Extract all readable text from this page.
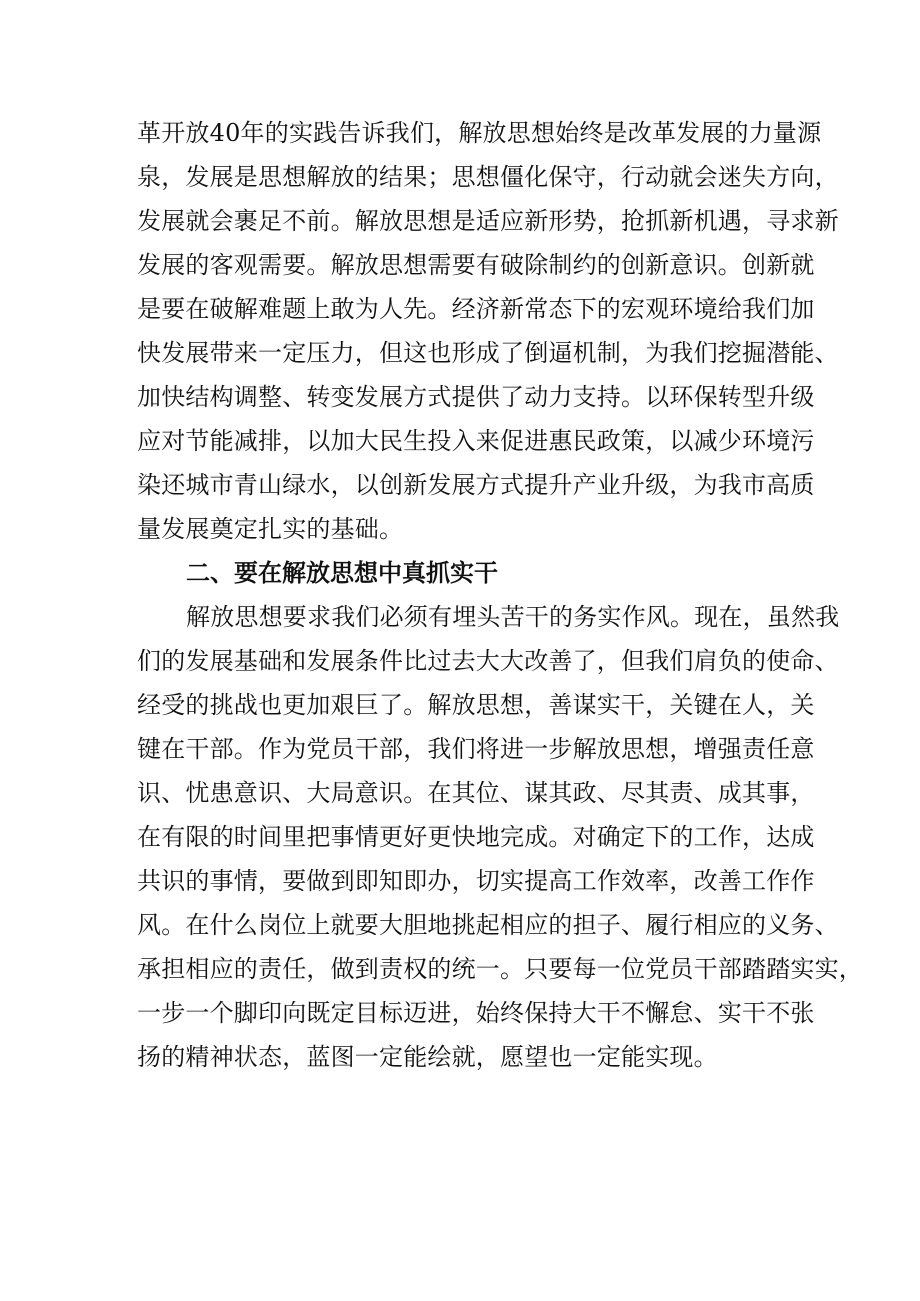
革开放40年的实践告诉我们，解放思想始终是改革发展的力量源
泉，发展是思想解放的结果；思想僵化保守，行动就会迷失方向，
发展就会裹足不前。解放思想是适应新形势，抢抓新机遇，寻求新
发展的客观需要。解放思想需要有破除制约的创新意识。创新就
是要在破解难题上敢为人先。经济新常态下的宏观环境给我们加
快发展带来一定压力，但这也形成了倒逼机制，为我们挖掘潜能、
加快结构调整、转变发展方式提供了动力支持。以环保转型升级
应对节能减排，以加大民生投入来促进惠民政策，以减少环境污
染还城市青山绿水，以创新发展方式提升产业升级，为我市高质
量发展奠定扎实的基础。
二、要在解放思想中真抓实干
解放思想要求我们必须有埋头苦干的务实作风。现在，虽然我
们的发展基础和发展条件比过去大大改善了，但我们肩负的使命、
经受的挑战也更加艰巨了。解放思想，善谋实干，关键在人，关
键在干部。作为党员干部，我们将进一步解放思想，增强责任意
识、忧患意识、大局意识。在其位、谋其政、尽其责、成其事，
在有限的时间里把事情更好更快地完成。对确定下的工作，达成
共识的事情，要做到即知即办，切实提高工作效率，改善工作作
风。在什么岗位上就要大胆地挑起相应的担子、履行相应的义务、
承担相应的责任，做到责权的统一。只要每一位党员干部踏踏实实，
一步一个脚印向既定目标迈进，始终保持大干不懈怠、实干不张
扬的精神状态，蓝图一定能绘就，愿望也一定能实现。
